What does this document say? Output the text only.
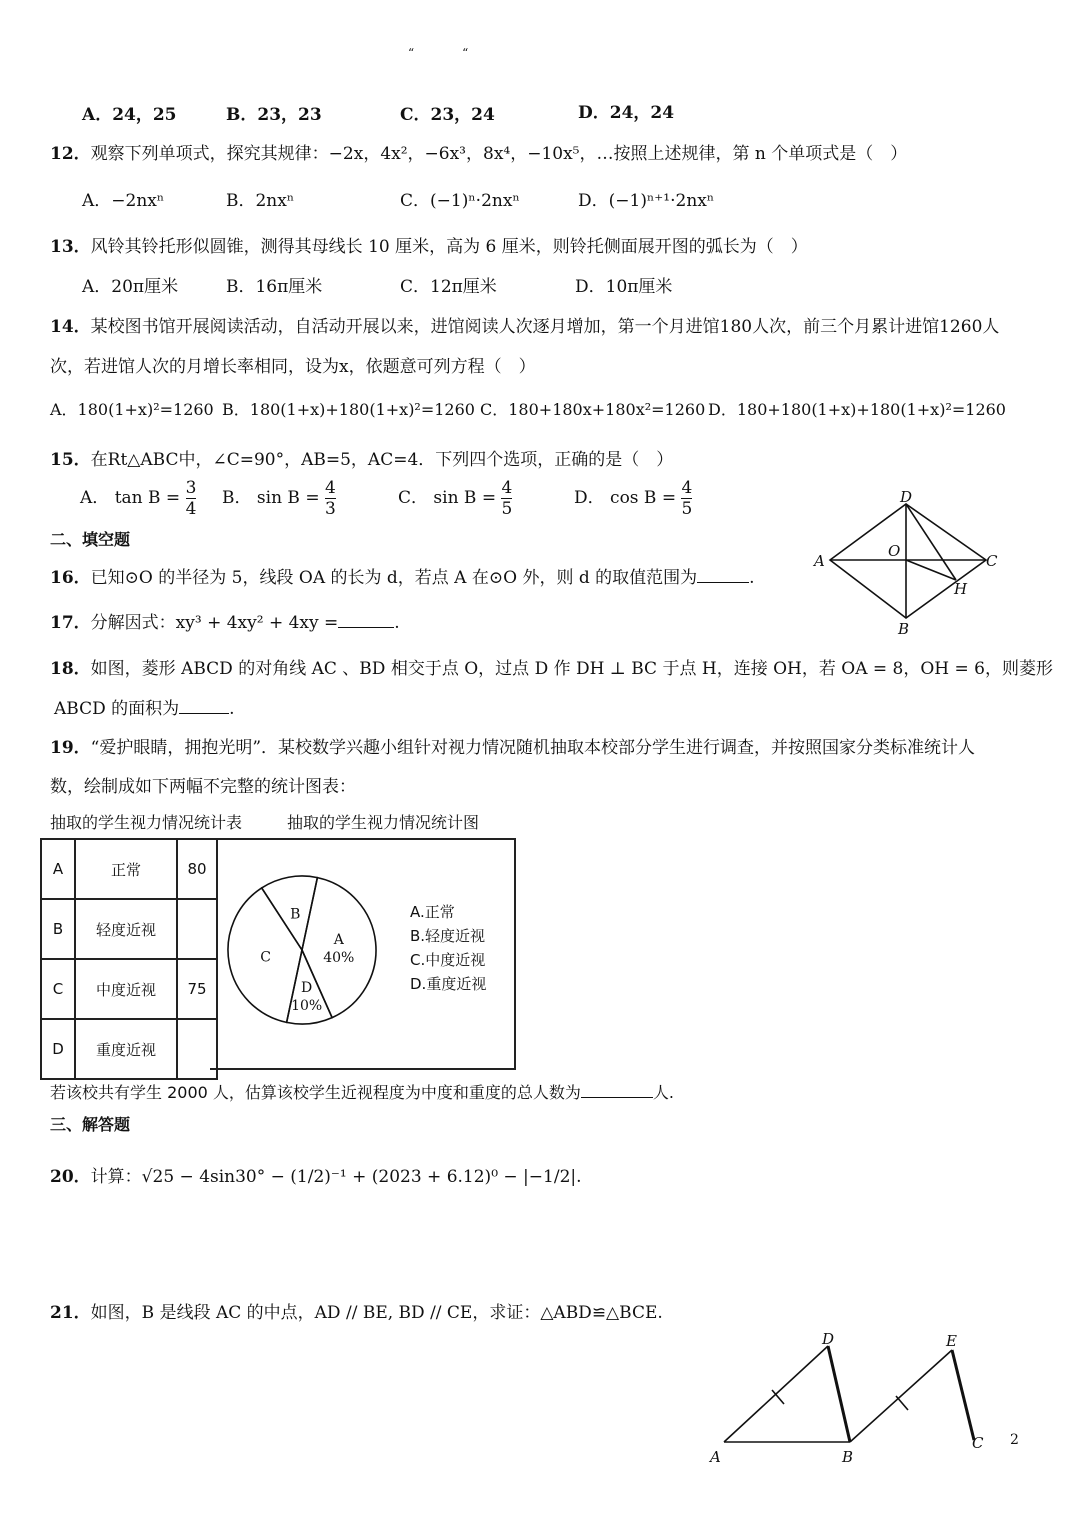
“　　　　“
A．24，25	B．23，23	C．23，24	D．24，24
12．观察下列单项式，探究其规律：−2x，4x²，−6x³，8x⁴，−10x⁵，…按照上述规律，第 n 个单项式是（　）
A．−2nxⁿ	B．2nxⁿ	C．(−1)ⁿ·2nxⁿ	D．(−1)ⁿ⁺¹·2nxⁿ
13．风铃其铃托形似圆锥，测得其母线长 10 厘米，高为 6 厘米，则铃托侧面展开图的弧长为（　）
A．20π厘米	B．16π厘米	C．12π厘米	D．10π厘米
14．某校图书馆开展阅读活动，自活动开展以来，进馆阅读人次逐月增加，第一个月进馆180人次，前三个月累计进馆1260人
次，若进馆人次的月增长率相同，设为x，依题意可列方程（　）
A．180(1+x)²=1260 B．180(1+x)+180(1+x)²=1260 C．180+180x+180x²=1260 D．180+180(1+x)+180(1+x)²=1260
15．在Rt△ABC中，∠C=90°，AB=5，AC=4．下列四个选项，正确的是（　）
A． $\tan B = \frac{3}{4}$ B． $\sin B = \frac{4}{3}$	C． $\sin B = \frac{4}{5}$	D． $\cos B = \frac{4}{5}$
二、填空题
A
D
C
B
O
H
16．已知⊙O 的半径为 5，线段 OA 的长为 d，若点 A 在⊙O 外，则 d 的取值范围为	.
17．分解因式：xy³ + 4xy² + 4xy =	.
18．如图，菱形 ABCD 的对角线 AC 、BD 相交于点 O，过点 D 作 DH ⊥ BC 于点 H，连接 OH，若 OA = 8，OH = 6，则菱形
ABCD 的面积为	.
19．“爱护眼睛，拥抱光明”．某校数学兴趣小组针对视力情况随机抽取本校部分学生进行调查，并按照国家分类标准统计人
数，绘制成如下两幅不完整的统计图表：
抽取的学生视力情况统计表	抽取的学生视力情况统计图
A	正常	80
B	轻度近视	
C	中度近视	75
D	重度近视	
A
40%
D
10%
C
B	A.正常
B.轻度近视
C.中度近视
D.重度近视
若该校共有学生 2000 人，估算该校学生近视程度为中度和重度的总人数为	人.
三、解答题
20．计算：√25 − 4sin30° − (1/2)⁻¹ + (2023 + 6.12)⁰ − |−1/2|.
21．如图，B 是线段 AC 的中点，AD // BE, BD // CE，求证：△ABD≌△BCE.
A	B
C
D	E
2
